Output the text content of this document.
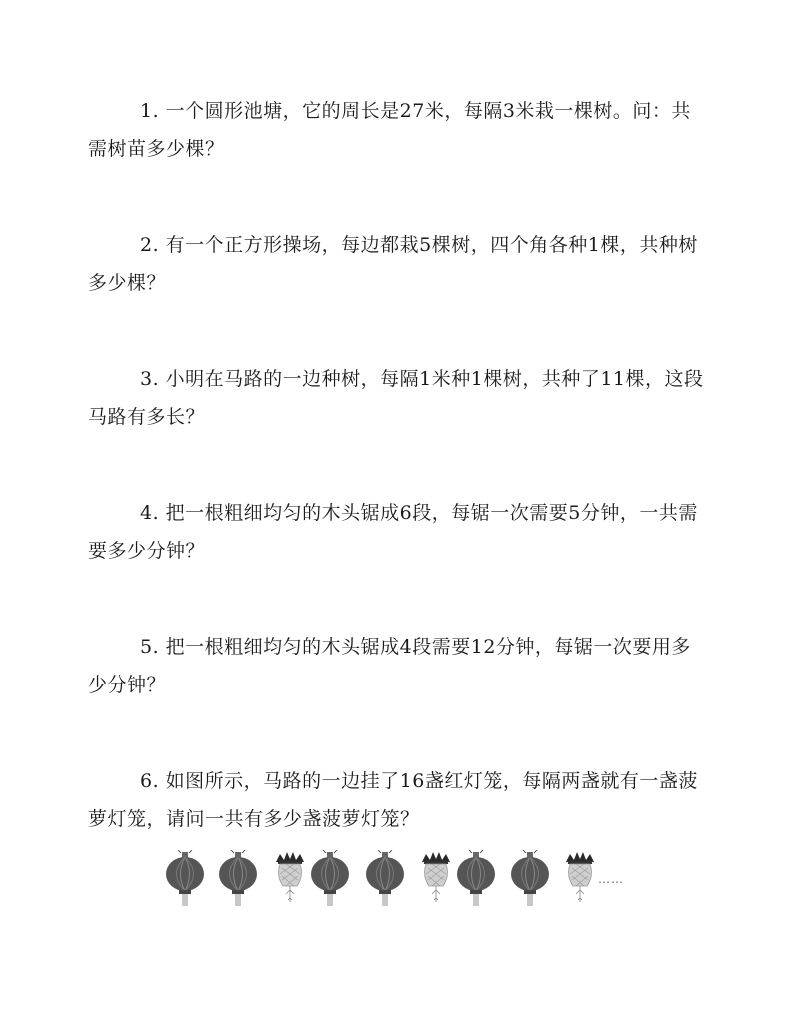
1. 一个圆形池塘，它的周长是27米，每隔3米栽一棵树。问：共需树苗多少棵？

2. 有一个正方形操场，每边都栽5棵树，四个角各种1棵，共种树多少棵？

3. 小明在马路的一边种树，每隔1米种1棵树，共种了11棵，这段马路有多长？

4. 把一根粗细均匀的木头锯成6段，每锯一次需要5分钟，一共需要多少分钟？

5. 把一根粗细均匀的木头锯成4段需要12分钟，每锯一次要用多少分钟？

6. 如图所示，马路的一边挂了16盏红灯笼，每隔两盏就有一盏菠萝灯笼，请问一共有多少盏菠萝灯笼？

……
